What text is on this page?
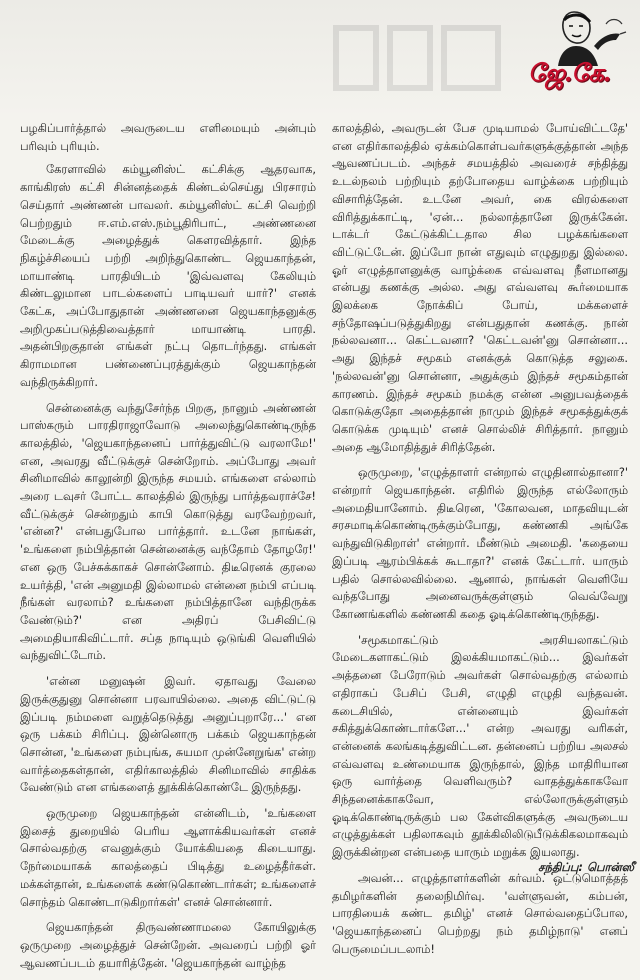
ஜே.கே.

பழகிப்பார்த்தால் அவருடைய எளிமையும் அன்பும் பரிவும் புரியும்.

கேரளாவில் கம்யூனிஸ்ட் கட்சிக்கு ஆதரவாக, காங்கிரஸ் கட்சி சின்னத்தைக் கிண்டல்செய்து பிரசாரம் செய்தார் அண்ணன் பாவலர். கம்யூனிஸ்ட் கட்சி வெற்றி பெற்றதும் ஈ.எம்.எஸ்.நம்பூதிரிபாட், அண்ணனை மேடைக்கு அழைத்துக் கௌரவித்தார். இந்த நிகழ்ச்சியைப் பற்றி அறிந்துகொண்ட ஜெயகாந்தன், மாயாண்டி பாரதியிடம் 'இவ்வளவு கேலியும் கிண்டலுமான பாடல்களைப் பாடியவர் யார்?' எனக் கேட்க, அப்போதுதான் அண்ணனை ஜெயகாந்தனுக்கு அறிமுகப்படுத்திவைத்தார் மாயாண்டி பாரதி. அதன்பிறகுதான் எங்கள் நட்பு தொடர்ந்தது. எங்கள் கிராமமான பண்ணைப்புரத்துக்கும் ஜெயகாந்தன் வந்திருக்கிறார்.

சென்னைக்கு வந்துசேர்ந்த பிறகு, நானும் அண்ணன் பாஸ்கரும் பாரதிராஜாவோடு அலைந்துகொண்டிருந்த காலத்தில், 'ஜெயகாந்தனைப் பார்த்துவிட்டு வரலாமே!' என, அவரது வீட்டுக்குச் சென்றோம். அப்போது அவர் சினிமாவில் காலூன்றி இருந்த சமயம். எங்களை எல்லாம் அரை டவுசர் போட்ட காலத்தில் இருந்து பார்த்தவராச்சே! வீட்டுக்குச் சென்றதும் காபி கொடுத்து வரவேற்றவர், 'என்ன?' என்பதுபோல பார்த்தார். உடனே நாங்கள், 'உங்களை நம்பித்தான் சென்னைக்கு வந்தோம் தோழரே!' என ஒரு பேச்சுக்காகச் சொன்னோம். திடீரெனக் குரலை உயர்த்தி, 'என் அனுமதி இல்லாமல் என்னை நம்பி எப்படி நீங்கள் வரலாம்? உங்களை நம்பித்தானே வந்திருக்க வேண்டும்?' என அதிரப் பேசிவிட்டு அமைதியாகிவிட்டார். சப்த நாடியும் ஒடுங்கி வெளியில் வந்துவிட்டோம்.

'என்ன மனுஷன் இவர். ஏதாவது வேலை இருக்குதுனு சொன்னா பரவாயில்லை. அதை விட்டுட்டு இப்படி நம்மளை வறுத்தெடுத்து அனுப்புறாரே...' என ஒரு பக்கம் சிரிப்பு. இன்னொரு பக்கம் ஜெயகாந்தன் சொன்ன, 'உங்களை நம்புங்க, சுயமா முன்னேறுங்க' என்ற வார்த்தைகள்தான், எதிர்காலத்தில் சினிமாவில் சாதிக்க வேண்டும் என எங்களைத் தூக்கிக்கொண்டே இருந்தது.

ஒருமுறை ஜெயகாந்தன் என்னிடம், 'உங்களை இசைத் துறையில் பெரிய ஆளாக்கியவர்கள் எனச் சொல்வதற்கு எவனுக்கும் யோக்கியதை கிடையாது. நேர்மையாகக் காலத்தைப் பிடித்து உழைத்தீர்கள். மக்கள்தான், உங்களைக் கண்டுகொண்டார்கள்; உங்களைச் சொந்தம் கொண்டாடுகிறார்கள்' எனச் சொன்னார்.

ஜெயகாந்தன் திருவண்ணாமலை கோயிலுக்கு ஒருமுறை அழைத்துச் சென்றேன். அவரைப் பற்றி ஓர் ஆவணப்படம் தயாரித்தேன். 'ஜெயகாந்தன் வாழ்ந்த

காலத்தில், அவருடன் பேச முடியாமல் போய்விட்டதே' என எதிர்காலத்தில் ஏக்கம்கொள்பவர்களுக்குத்தான் அந்த ஆவணப்படம். அந்தச் சமயத்தில் அவரைச் சந்தித்து உடல்நலம் பற்றியும் தற்போதைய வாழ்க்கை பற்றியும் விசாரித்தேன். உடனே அவர், கை விரல்களை விரித்துக்காட்டி, 'ஏன்... நல்லாத்தானே இருக்கேன். டாக்டர் கேட்டுக்கிட்டதால சில பழக்கங்களை விட்டுட்டேன். இப்போ நான் எதுவும் எழுதுறது இல்லை. ஓர் எழுத்தாளனுக்கு வாழ்க்கை எவ்வளவு நீளமானது என்பது கணக்கு அல்ல. அது எவ்வளவு கூர்மையாக இலக்கை நோக்கிப் போய், மக்களைச் சந்தோஷப்படுத்துகிறது என்பதுதான் கணக்கு. நான் நல்லவனா... கெட்டவனா? 'கெட்டவன்'னு சொன்னா... அது இந்தச் சமூகம் எனக்குக் கொடுத்த சலுகை. 'நல்லவன்'னு சொன்னா, அதுக்கும் இந்தச் சமூகம்தான் காரணம். இந்தச் சமூகம் நமக்கு என்ன அனுபவத்தைக் கொடுக்குதோ அதைத்தான் நாமும் இந்தச் சமூகத்துக்குக் கொடுக்க முடியும்' எனச் சொல்லிச் சிரித்தார். நானும் அதை ஆமோதித்துச் சிரித்தேன்.

ஒருமுறை, 'எழுத்தாளர் என்றால் எழுதினால்தானா?' என்றார் ஜெயகாந்தன். எதிரில் இருந்த எல்லோரும் அமைதியானோம். திடீரென, 'கோலவன, மாதவியுடன் சரசமாடிக்கொண்டிருக்கும்போது, கண்ணகி அங்கே வந்துவிடுகிறாள்' என்றார். மீண்டும் அமைதி. 'கதையை இப்படி ஆரம்பிக்கக் கூடாதா?' எனக் கேட்டார். யாரும் பதில் சொல்லவில்லை. ஆனால், நாங்கள் வெளியே வந்தபோது அனைவருக்குள்ளும் வெவ்வேறு கோணங்களில் கண்ணகி கதை ஓடிக்கொண்டிருந்தது.

'சமூகமாகட்டும் அரசியலாகட்டும் மேடைகளாகட்டும் இலக்கியமாகட்டும்... இவர்கள் அத்தனை பேரோடும் அவர்கள் சொல்வதற்கு எல்லாம் எதிராகப் பேசிப் பேசி, எழுதி எழுதி வந்தவன். கடைசியில், என்னையும் இவர்கள் சகித்துக்கொண்டார்களே...' என்ற அவரது வரிகள், என்னைக் கலங்கடித்துவிட்டன. தன்னைப் பற்றிய அலசல் எவ்வளவு உண்மையாக இருந்தால், இந்த மாதிரியான ஒரு வார்த்தை வெளிவரும்? வாதத்துக்காகவோ சிந்தனைக்காகவோ, எல்லோருக்குள்ளும் ஓடிக்கொண்டிருக்கும் பல கேள்விகளுக்கு அவருடைய எழுத்துக்கள் பதிலாகவும் தூக்கிலிலிடுபீடுக்கிகலமாகவும் இருக்கின்றன என்பதை யாரும் மறுக்க இயலாது.

அவன்... எழுத்தாளர்களின் கர்வம். ஒட்டுமொத்தத் தமிழர்களின் தலைநிமிர்வு. 'வள்ளுவன், கம்பன், பாரதியைக் கண்ட தமிழ்' எனச் சொல்வதைப்போல, 'ஜெயகாந்தனைப் பெற்றது நம் தமிழ்நாடு' எனப் பெருமைப்படலாம்!

சந்திப்பு: பொன்ஸீ
